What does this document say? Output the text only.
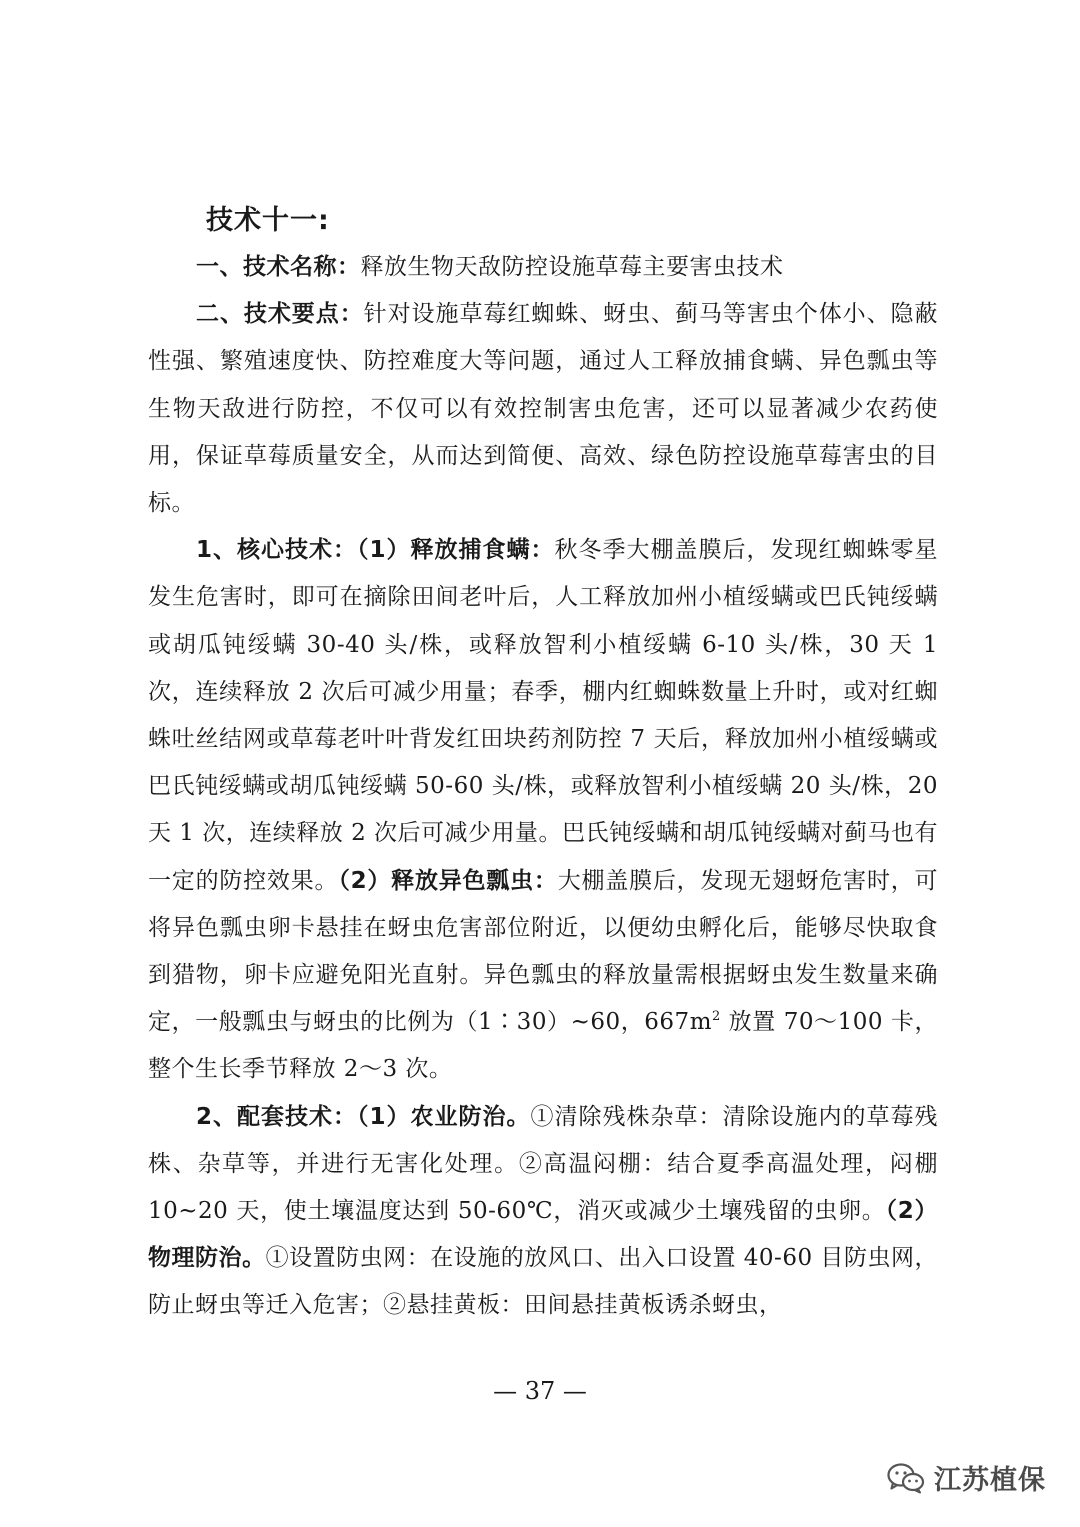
技术十一:

一、技术名称：释放生物天敌防控设施草莓主要害虫技术

二、技术要点：针对设施草莓红蜘蛛、蚜虫、蓟马等害虫个体小、隐蔽性强、繁殖速度快、防控难度大等问题，通过人工释放捕食螨、异色瓢虫等生物天敌进行防控，不仅可以有效控制害虫危害，还可以显著减少农药使用，保证草莓质量安全，从而达到简便、高效、绿色防控设施草莓害虫的目标。

1、核心技术：（1）释放捕食螨：秋冬季大棚盖膜后，发现红蜘蛛零星发生危害时，即可在摘除田间老叶后，人工释放加州小植绥螨或巴氏钝绥螨或胡瓜钝绥螨 30-40 头/株，或释放智利小植绥螨 6-10 头/株，30 天 1 次，连续释放 2 次后可减少用量；春季，棚内红蜘蛛数量上升时，或对红蜘蛛吐丝结网或草莓老叶叶背发红田块药剂防控 7 天后，释放加州小植绥螨或巴氏钝绥螨或胡瓜钝绥螨 50-60 头/株，或释放智利小植绥螨 20 头/株，20 天 1 次，连续释放 2 次后可减少用量。巴氏钝绥螨和胡瓜钝绥螨对蓟马也有一定的防控效果。（2）释放异色瓢虫：大棚盖膜后，发现无翅蚜危害时，可将异色瓢虫卵卡悬挂在蚜虫危害部位附近，以便幼虫孵化后，能够尽快取食到猎物，卵卡应避免阳光直射。异色瓢虫的释放量需根据蚜虫发生数量来确定，一般瓢虫与蚜虫的比例为（1∶30）~60，$667m^2$ 放置 70～100 卡，整个生长季节释放 2～3 次。

2、配套技术：（1）农业防治。①清除残株杂草：清除设施内的草莓残株、杂草等，并进行无害化处理。②高温闷棚：结合夏季高温处理，闷棚 10~20 天，使土壤温度达到 50-60℃，消灭或减少土壤残留的虫卵。（2）物理防治。①设置防虫网：在设施的放风口、出入口设置 40-60 目防虫网，防止蚜虫等迁入危害；②悬挂黄板：田间悬挂黄板诱杀蚜虫，

— 37 —
江苏植保
